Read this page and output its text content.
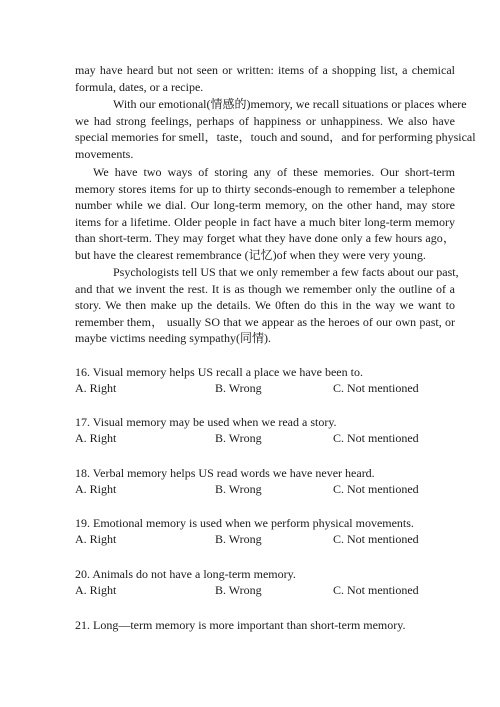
may have heard but not seen or written: items of a shopping list, a chemical
formula, dates, or a recipe.

With our emotional(情感的)memory, we recall situations or places where
we had strong feelings, perhaps of happiness or unhappiness. We also have
special memories for smell，taste，touch and sound，and for performing physical
movements.

We have two ways of storing any of these memories. Our short-term
memory stores items for up to thirty seconds-enough to remember a telephone
number while we dial. Our long-term memory, on the other hand, may store
items for a lifetime. Older people in fact have a much biter long-term memory
than short-term. They may forget what they have done only a few hours ago，
but have the clearest remembrance (记忆)of when they were very young.

Psychologists tell US that we only remember a few facts about our past,
and that we invent the rest. It is as though we remember only the outline of a
story. We then make up the details. We 0ften do this in the way we want to
remember them， usually SO that we appear as the heroes of our own past, or
maybe victims needing sympathy(同情).

16. Visual memory helps US recall a place we have been to.
A. Right	B. Wrong	C. Not mentioned
17. Visual memory may be used when we read a story.
A. Right	B. Wrong	C. Not mentioned
18. Verbal memory helps US read words we have never heard.
A. Right	B. Wrong	C. Not mentioned
19. Emotional memory is used when we perform physical movements.
A. Right	B. Wrong	C. Not mentioned
20. Animals do not have a long-term memory.
A. Right	B. Wrong	C. Not mentioned
21. Long—term memory is more important than short-term memory.
